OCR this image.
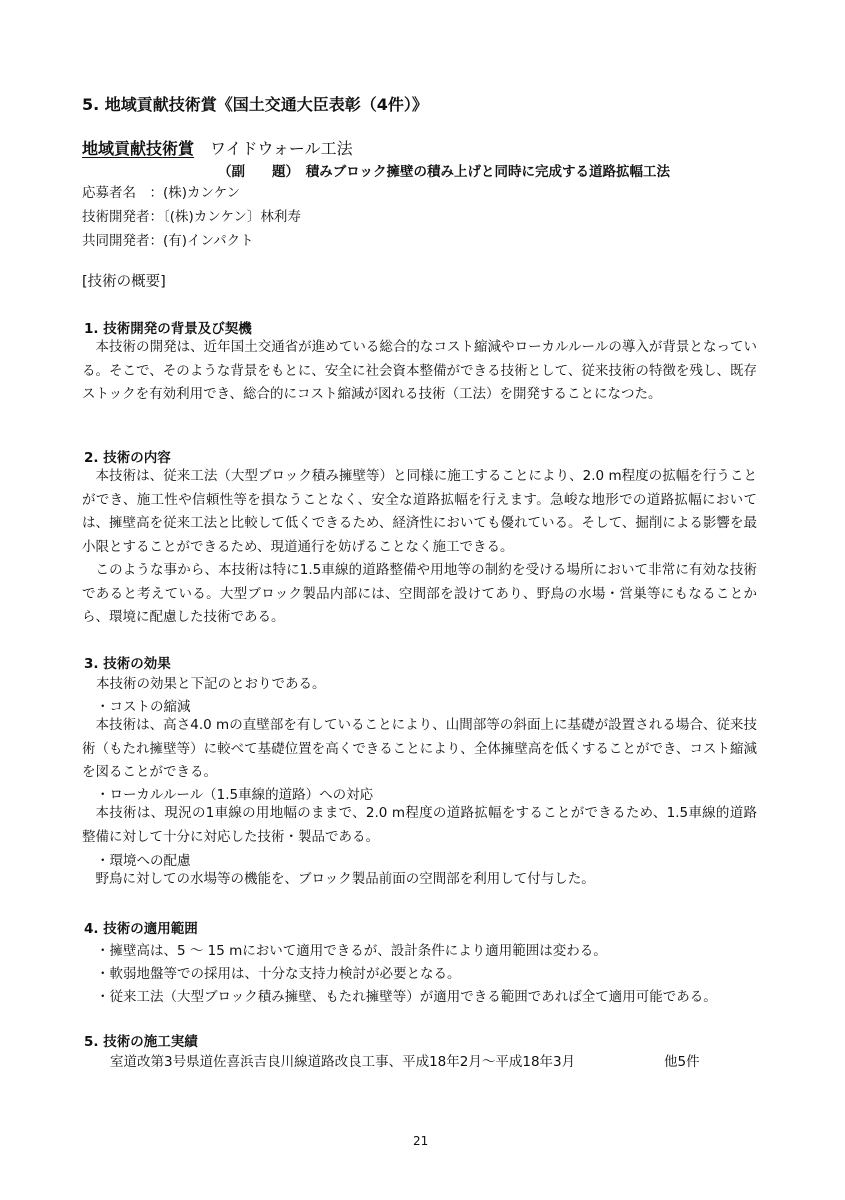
5. 地域貢献技術賞《国土交通大臣表彰（4件）》
地域貢献技術賞　 ワイドウォール工法
（副　　題）　 積みブロック擁壁の積み上げと同時に完成する道路拡幅工法
応募者名　：(株)カンケン
技術開発者：〔(株)カンケン〕林利寿
共同開発者：(有)インパクト
[技術の概要]
1. 技術開発の背景及び契機
本技術の開発は、近年国土交通省が進めている総合的なコスト縮減やローカルルールの導入が背景となっている。そこで、そのような背景をもとに、安全に社会資本整備ができる技術として、従来技術の特徴を残し、既存ストックを有効利用でき、総合的にコスト縮減が図れる技術（工法）を開発することになつた。
2. 技術の内容
本技術は、従来工法（大型ブロック積み擁壁等）と同様に施工することにより、2.0 m程度の拡幅を行うことができ、施工性や信頼性等を損なうことなく、安全な道路拡幅を行えます。急峻な地形での道路拡幅においては、擁壁高を従来工法と比較して低くできるため、経済性においても優れている。そして、掘削による影響を最小限とすることができるため、現道通行を妨げることなく施工できる。
このような事から、本技術は特に1.5車線的道路整備や用地等の制約を受ける場所において非常に有効な技術であると考えている。大型ブロック製品内部には、空間部を設けてあり、野鳥の水場・営巣等にもなることから、環境に配慮した技術である。
3. 技術の効果
本技術の効果と下記のとおりである。
・コストの縮減
本技術は、高さ4.0 mの直壁部を有していることにより、山間部等の斜面上に基礎が設置される場合、従来技術（もたれ擁壁等）に較べて基礎位置を高くできることにより、全体擁壁高を低くすることができ、コスト縮減を図ることができる。
・ローカルルール（1.5車線的道路）への対応
本技術は、現況の1車線の用地幅のままで、2.0 m程度の道路拡幅をすることができるため、1.5車線的道路整備に対して十分に対応した技術・製品である。
・環境への配慮
野鳥に対しての水場等の機能を、ブロック製品前面の空間部を利用して付与した。
4. 技術の適用範囲
・擁壁高は、5 ～ 15 mにおいて適用できるが、設計条件により適用範囲は変わる。
・軟弱地盤等での採用は、十分な支持力検討が必要となる。
・従来工法（大型ブロック積み擁壁、もたれ擁壁等）が適用できる範囲であれば全て適用可能である。
5. 技術の施工実績
室道改第3号県道佐喜浜吉良川線道路改良工事、平成18年2月～平成18年3月	他5件
21
